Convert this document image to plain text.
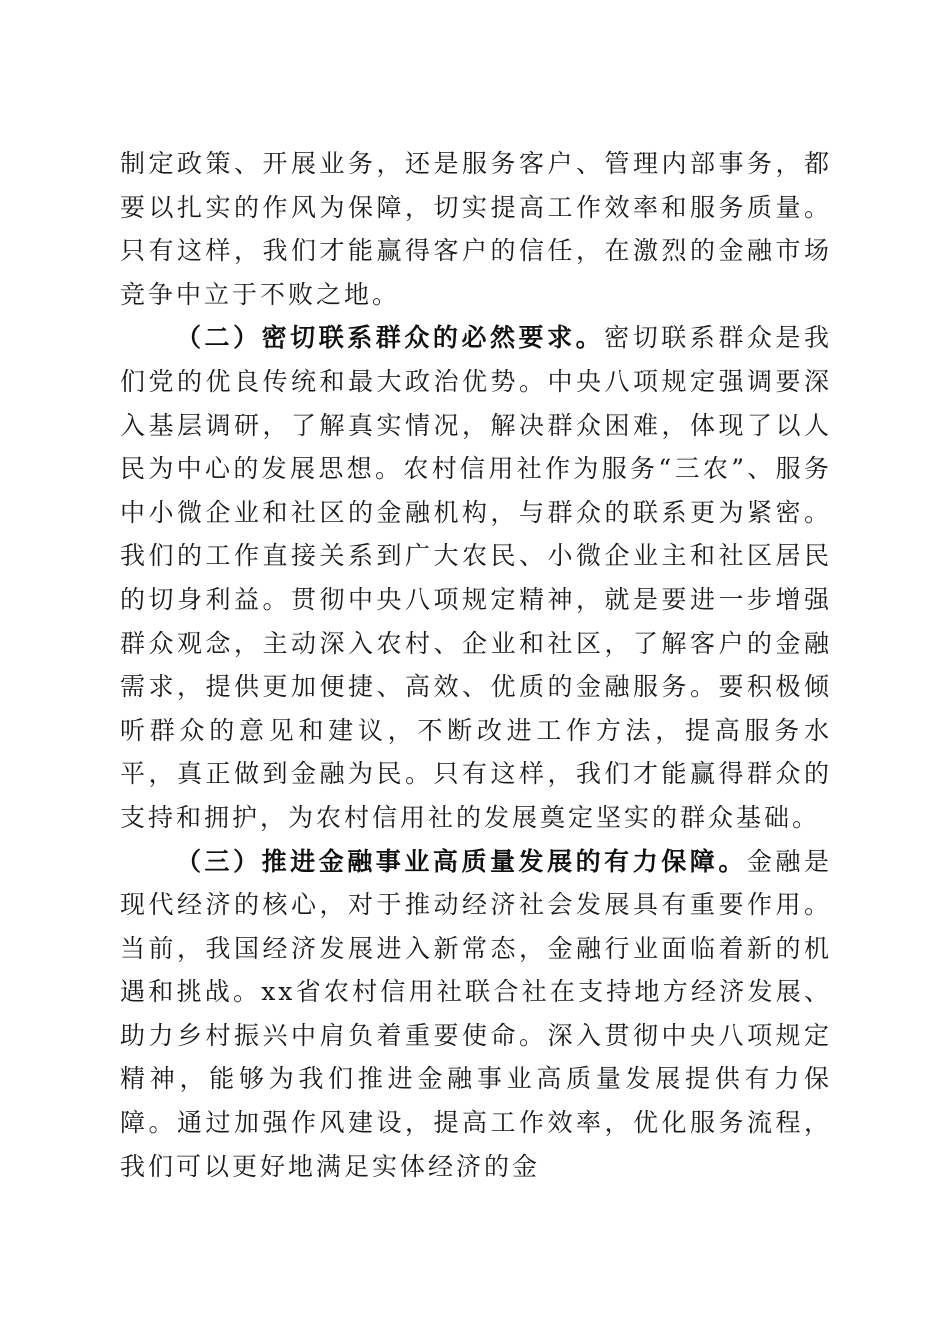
制定政策、开展业务，还是服务客户、管理内部事务，都要以扎实的作风为保障，切实提高工作效率和服务质量。只有这样，我们才能赢得客户的信任，在激烈的金融市场竞争中立于不败之地。

（二）密切联系群众的必然要求。密切联系群众是我们党的优良传统和最大政治优势。中央八项规定强调要深入基层调研，了解真实情况，解决群众困难，体现了以人民为中心的发展思想。农村信用社作为服务“三农”、服务中小微企业和社区的金融机构，与群众的联系更为紧密。我们的工作直接关系到广大农民、小微企业主和社区居民的切身利益。贯彻中央八项规定精神，就是要进一步增强群众观念，主动深入农村、企业和社区，了解客户的金融需求，提供更加便捷、高效、优质的金融服务。要积极倾听群众的意见和建议，不断改进工作方法，提高服务水平，真正做到金融为民。只有这样，我们才能赢得群众的支持和拥护，为农村信用社的发展奠定坚实的群众基础。

（三）推进金融事业高质量发展的有力保障。金融是现代经济的核心，对于推动经济社会发展具有重要作用。当前，我国经济发展进入新常态，金融行业面临着新的机遇和挑战。xx省农村信用社联合社在支持地方经济发展、助力乡村振兴中肩负着重要使命。深入贯彻中央八项规定精神，能够为我们推进金融事业高质量发展提供有力保障。通过加强作风建设，提高工作效率，优化服务流程，我们可以更好地满足实体经济的金
